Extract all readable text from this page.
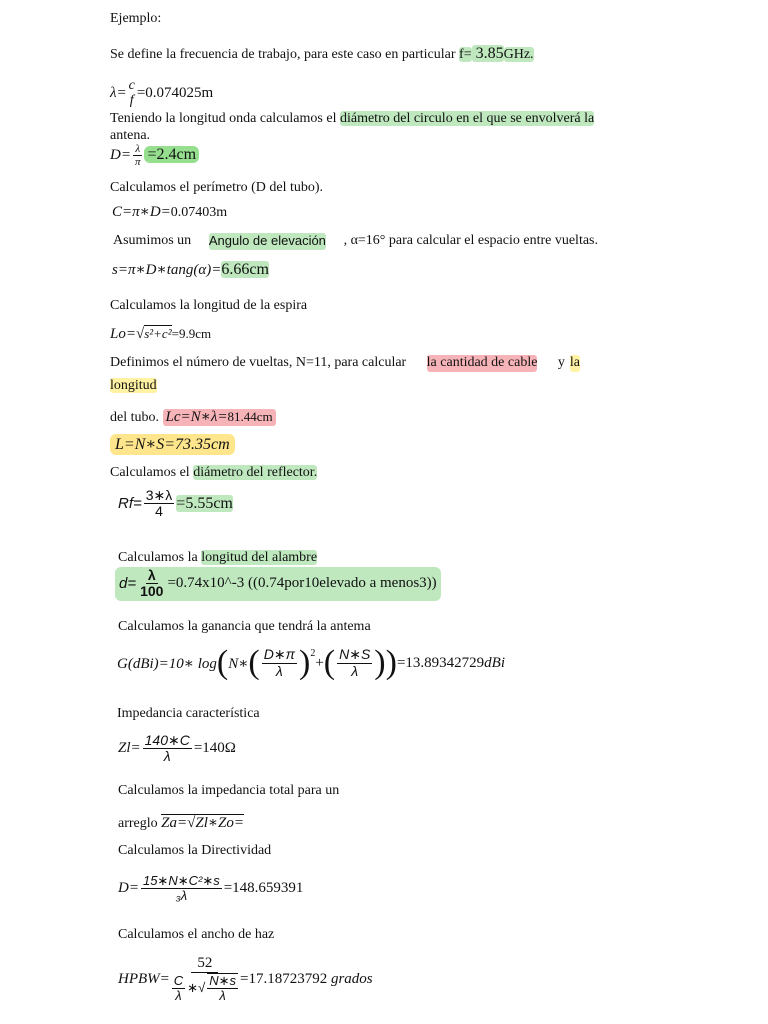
Ejemplo:
Se define la frecuencia de trabajo, para este caso en particular f= 3.85GHz.
λ= c
f
=0.074025m
Teniendo la longitud onda calculamos el diámetro del circulo en el que se envolverá la
antena.
$D= \frac{\lambda}{\pi} =2.4cm$
Calculamos el perímetro (D del tubo).
C=π∗D=0.07403m
Asumimos un Angulo de elevación , α=16° para calcular el espacio entre vueltas.
s=π∗D∗tang(α)=6.66cm
Calculamos la longitud de la espira
Lo=√s²+c²=9.9cm
Definimos el número de vueltas, N=11, para calcular la cantidad de cable y la
longitud
del tubo. Lc=N∗λ=81.44cm
L=N∗S=73.35cm
Calculamos el diámetro del reflector.
$Rf= \frac{3∗\lambda}{4} =5.55cm$
Calculamos la longitud del alambre
$d= \frac{\lambda}{100}$ =0.74x10^-3 ((0.74por10elevado a menos3))
Calculamos la ganancia que tendrá la antema
G(dBi)=10∗ log ( N∗ ( $\frac{D∗\pi}{\lambda}$ ) 2
+ ( $\frac{N∗S}{\lambda}$ ) ) =13.89342729 dBi
Impedancia característica
$Zl= \frac{140∗C}{\lambda} =140\Omega$
Calculamos la impedancia total para un
arreglo Za=√Zl∗Zo=
Calculamos la Directividad
$D= \frac{\text{15∗N∗C²∗s}}{\text{₃λ}} =148.659391$
Calculamos el ancho de haz
HPBW= $\frac{52}{\frac{C}{\lambda} ∗√ \frac{N∗s}{\lambda}} =17.18723792$
grados
